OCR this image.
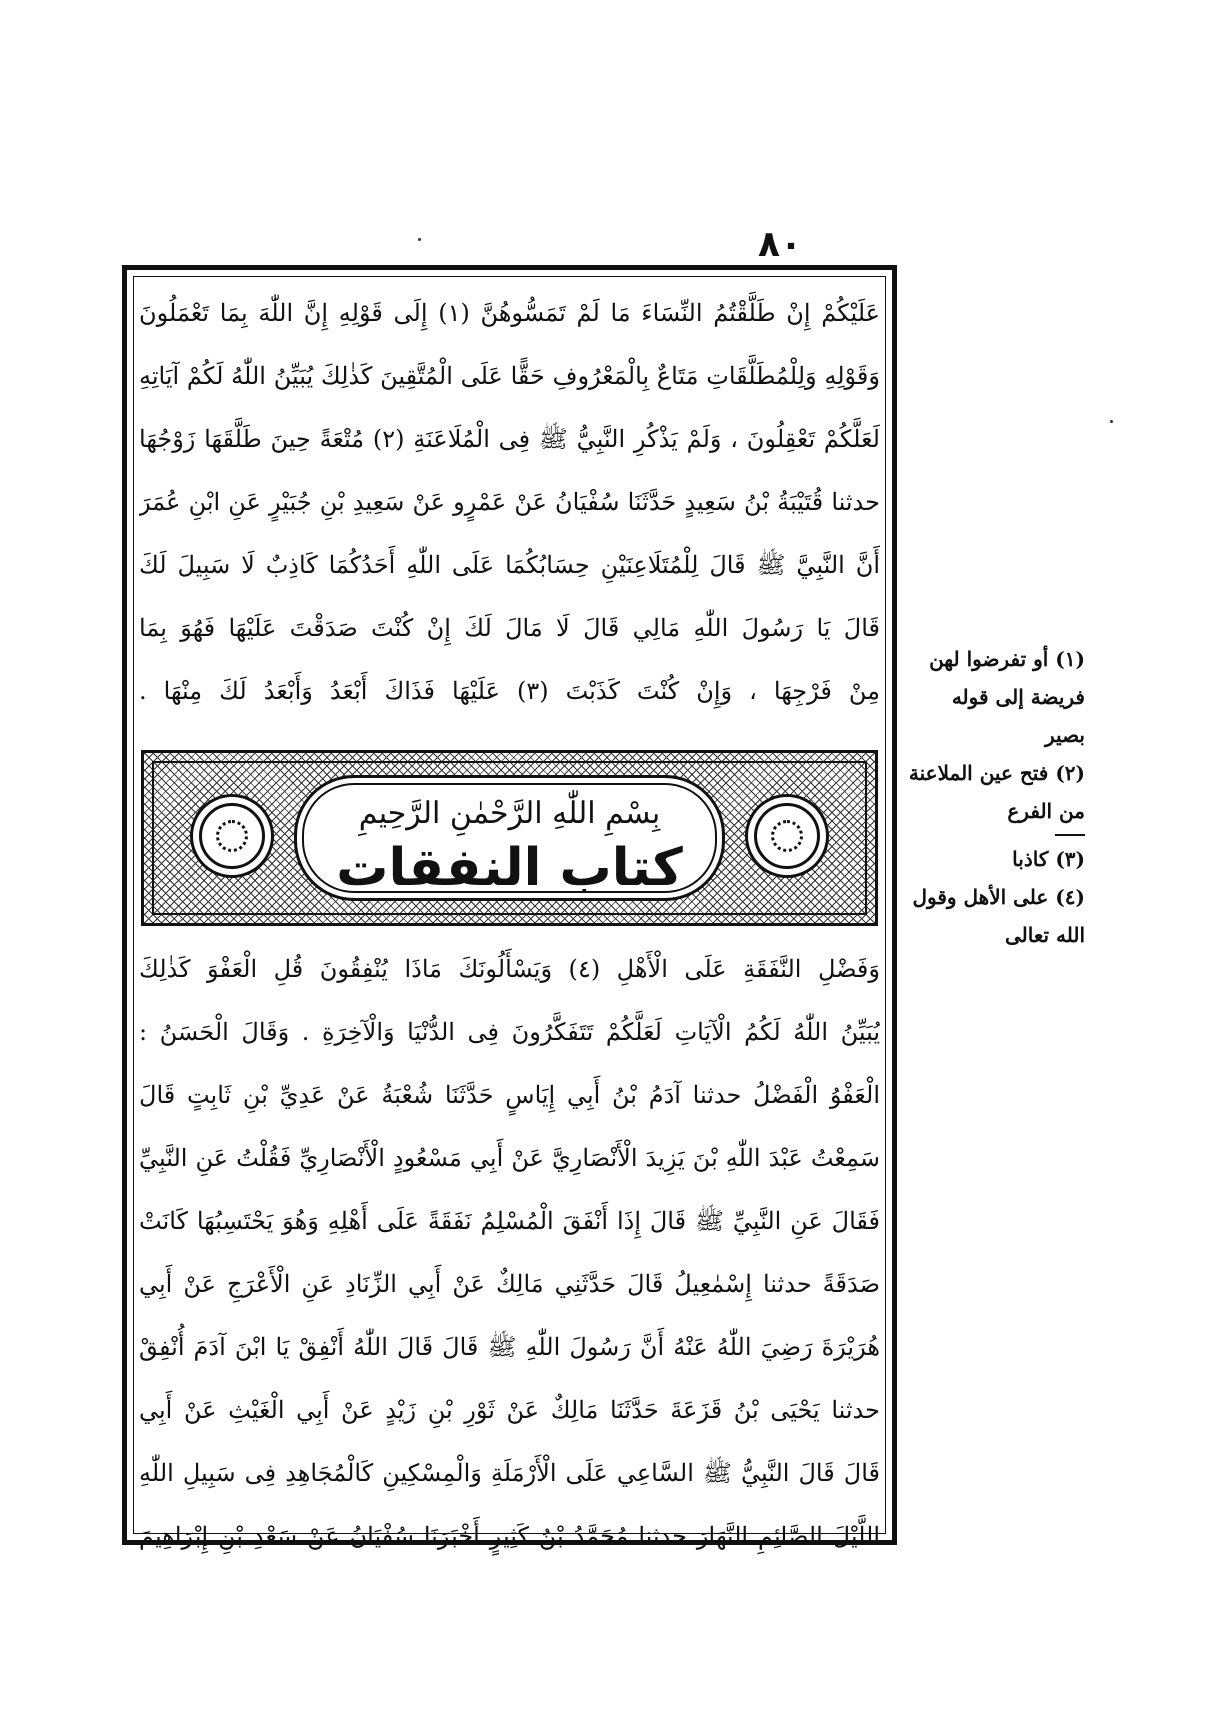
٨٠
عَلَيْكُمْ إِنْ طَلَّقْتُمُ النِّسَاءَ مَا لَمْ تَمَسُّوهُنَّ (١) إِلَى قَوْلِهِ إِنَّ اللّٰهَ بِمَا تَعْمَلُونَ
وَقَوْلِهِ وَلِلْمُطَلَّقَاتِ مَتَاعٌ بِالْمَعْرُوفِ حَقًّا عَلَى الْمُتَّقِينَ كَذٰلِكَ يُبَيِّنُ اللّٰهُ لَكُمْ آيَاتِهِ
لَعَلَّكُمْ تَعْقِلُونَ ، وَلَمْ يَذْكُرِ النَّبِيُّ ﷺ فِى الْمُلَاعَنَةِ (٢) مُتْعَةً حِينَ طَلَّقَهَا زَوْجُهَا
حدثنا قُتَيْبَةُ بْنُ سَعِيدٍ حَدَّثَنَا سُفْيَانُ عَنْ عَمْرٍو عَنْ سَعِيدِ بْنِ جُبَيْرٍ عَنِ ابْنِ عُمَرَ
أَنَّ النَّبِيَّ ﷺ قَالَ لِلْمُتَلَاعِنَيْنِ حِسَابُكُمَا عَلَى اللّٰهِ أَحَدُكُمَا كَاذِبٌ لَا سَبِيلَ لَكَ
قَالَ يَا رَسُولَ اللّٰهِ مَالِي قَالَ لَا مَالَ لَكَ إِنْ كُنْتَ صَدَقْتَ عَلَيْهَا فَهُوَ بِمَا
مِنْ فَرْجِهَا ، وَإِنْ كُنْتَ كَذَبْتَ (٣) عَلَيْهَا فَذَاكَ أَبْعَدُ وَأَبْعَدُ لَكَ مِنْهَا .
بِسْمِ اللّٰهِ الرَّحْمٰنِ الرَّحِيمِ
كتاب النفقات
وَفَضْلِ النَّفَقَةِ عَلَى الْأَهْلِ (٤) وَيَسْأَلُونَكَ مَاذَا يُنْفِقُونَ قُلِ الْعَفْوَ كَذٰلِكَ
يُبَيِّنُ اللّٰهُ لَكُمُ الْآيَاتِ لَعَلَّكُمْ تَتَفَكَّرُونَ فِى الدُّنْيَا وَالْآخِرَةِ . وَقَالَ الْحَسَنُ :
الْعَفْوُ الْفَضْلُ حدثنا آدَمُ بْنُ أَبِي إِيَاسٍ حَدَّثَنَا شُعْبَةُ عَنْ عَدِيِّ بْنِ ثَابِتٍ قَالَ
سَمِعْتُ عَبْدَ اللّٰهِ بْنَ يَزِيدَ الْأَنْصَارِيَّ عَنْ أَبِي مَسْعُودٍ الْأَنْصَارِيِّ فَقُلْتُ عَنِ النَّبِيِّ
فَقَالَ عَنِ النَّبِيِّ ﷺ قَالَ إِذَا أَنْفَقَ الْمُسْلِمُ نَفَقَةً عَلَى أَهْلِهِ وَهُوَ يَحْتَسِبُهَا كَانَتْ
صَدَقَةً حدثنا إِسْمٰعِيلُ قَالَ حَدَّثَنِي مَالِكٌ عَنْ أَبِي الزِّنَادِ عَنِ الْأَعْرَجِ عَنْ أَبِي
هُرَيْرَةَ رَضِيَ اللّٰهُ عَنْهُ أَنَّ رَسُولَ اللّٰهِ ﷺ قَالَ قَالَ اللّٰهُ أَنْفِقْ يَا ابْنَ آدَمَ أُنْفِقْ
حدثنا يَحْيَى بْنُ قَزَعَةَ حَدَّثَنَا مَالِكٌ عَنْ ثَوْرِ بْنِ زَيْدٍ عَنْ أَبِي الْغَيْثِ عَنْ أَبِي
قَالَ قَالَ النَّبِيُّ ﷺ السَّاعِي عَلَى الْأَرْمَلَةِ وَالْمِسْكِينِ كَالْمُجَاهِدِ فِى سَبِيلِ اللّٰهِ
اللَّيْلَ الصَّائِمِ النَّهَارَ حدثنا مُحَمَّدُ بْنُ كَثِيرٍ أَخْبَرَنَا سُفْيَانُ عَنْ سَعْدِ بْنِ إِبْرَاهِيمَ
(١) أو تفرضوا لهن
فريضة إلى قوله بصير
(٢) فتح عين الملاعنة
من الفرع
(٣) كاذبا
(٤) على الأهل وقول
الله تعالى
